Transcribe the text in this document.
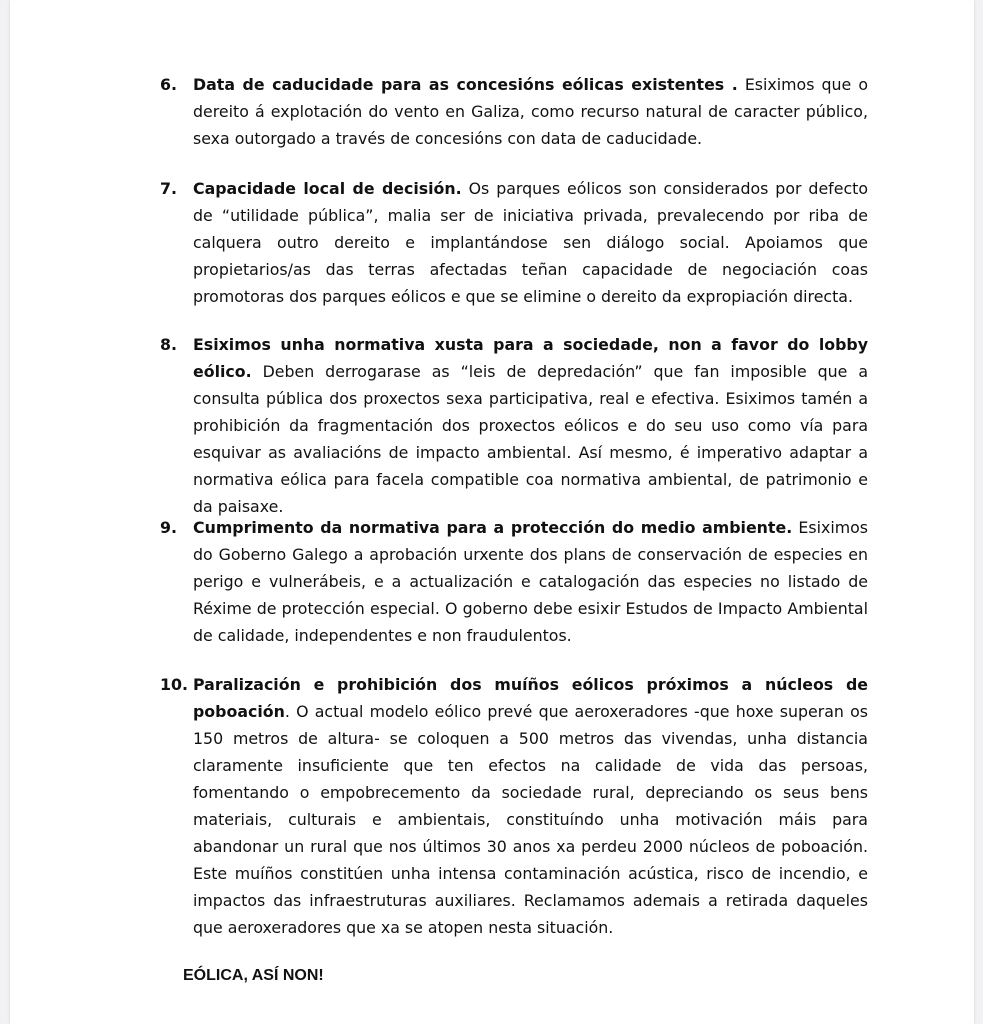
6. Data de caducidade para as concesións eólicas existentes . Esiximos que o dereito á explotación do vento en Galiza, como recurso natural de caracter público, sexa outorgado a través de concesións con data de caducidade.
7. Capacidade local de decisión. Os parques eólicos son considerados por defecto de “utilidade pública”, malia ser de iniciativa privada, prevalecendo por riba de calquera outro dereito e implantándose sen diálogo social. Apoiamos que propietarios/as das terras afectadas teñan capacidade de negociación coas promotoras dos parques eólicos e que se elimine o dereito da expropiación directa.
8. Esiximos unha normativa xusta para a sociedade, non a favor do lobby eólico. Deben derrogarase as “leis de depredación” que fan imposible que a consulta pública dos proxectos sexa participativa, real e efectiva. Esiximos tamén a prohibición da fragmentación dos proxectos eólicos e do seu uso como vía para esquivar as avaliacións de impacto ambiental. Así mesmo, é imperativo adaptar a normativa eólica para facela compatible coa normativa ambiental, de patrimonio e da paisaxe.
9. Cumprimento da normativa para a protección do medio ambiente. Esiximos do Goberno Galego a aprobación urxente dos plans de conservación de especies en perigo e vulnerábeis, e a actualización e catalogación das especies no listado de Réxime de protección especial. O goberno debe esixir Estudos de Impacto Ambiental de calidade, independentes e non fraudulentos.
10. Paralización e prohibición dos muíños eólicos próximos a núcleos de poboación. O actual modelo eólico prevé que aeroxeradores -que hoxe superan os 150 metros de altura- se coloquen a 500 metros das vivendas, unha distancia claramente insuficiente que ten efectos na calidade de vida das persoas, fomentando o empobrecemento da sociedade rural, depreciando os seus bens materiais, culturais e ambientais, constituíndo unha motivación máis para abandonar un rural que nos últimos 30 anos xa perdeu 2000 núcleos de poboación. Este muíños constitúen unha intensa contaminación acústica, risco de incendio, e impactos das infraestruturas auxiliares. Reclamamos ademais a retirada daqueles que aeroxeradores que xa se atopen nesta situación.
EÓLICA, ASÍ NON!
